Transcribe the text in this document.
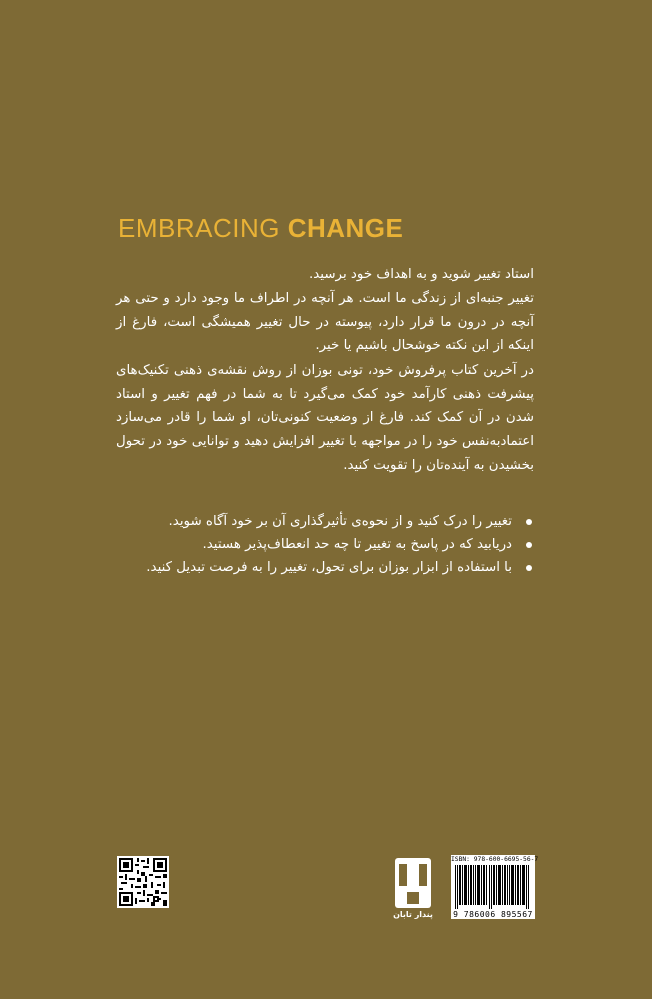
EMBRACING CHANGE

استاد تغییر شوید و به اهداف خود برسید.

تغییر جنبه‌ای از زندگی ما است. هر آنچه در اطراف ما وجود دارد و حتی هر آنچه در درون ما قرار دارد، پیوسته در حال تغییر همیشگی است، فارغ از اینکه از این نکته خوشحال باشیم یا خیر.

در آخرین کتاب پرفروش خود، تونی بوزان از روش نقشه‌ی ذهنی تکنیک‌های پیشرفت ذهنی کارآمد خود کمک می‌گیرد تا به شما در فهم تغییر و استاد شدن در آن کمک کند. فارغ از وضعیت کنونی‌تان، او شما را قادر می‌سازد اعتمادبه‌نفس خود را در مواجهه با تغییر افزایش دهید و توانایی خود در تحول بخشیدن به آینده‌تان را تقویت کنید.

تغییر را درک کنید و از نحوه‌ی تأثیرگذاری آن بر خود آگاه شوید.
دریابید که در پاسخ به تغییر تا چه حد انعطاف‌پذیر هستید.
با استفاده از ابزار بوزان برای تحول، تغییر را به فرصت تبدیل کنید.
پندار تابان
ISBN: 978-600-6695-56-7
9 786006 895567
